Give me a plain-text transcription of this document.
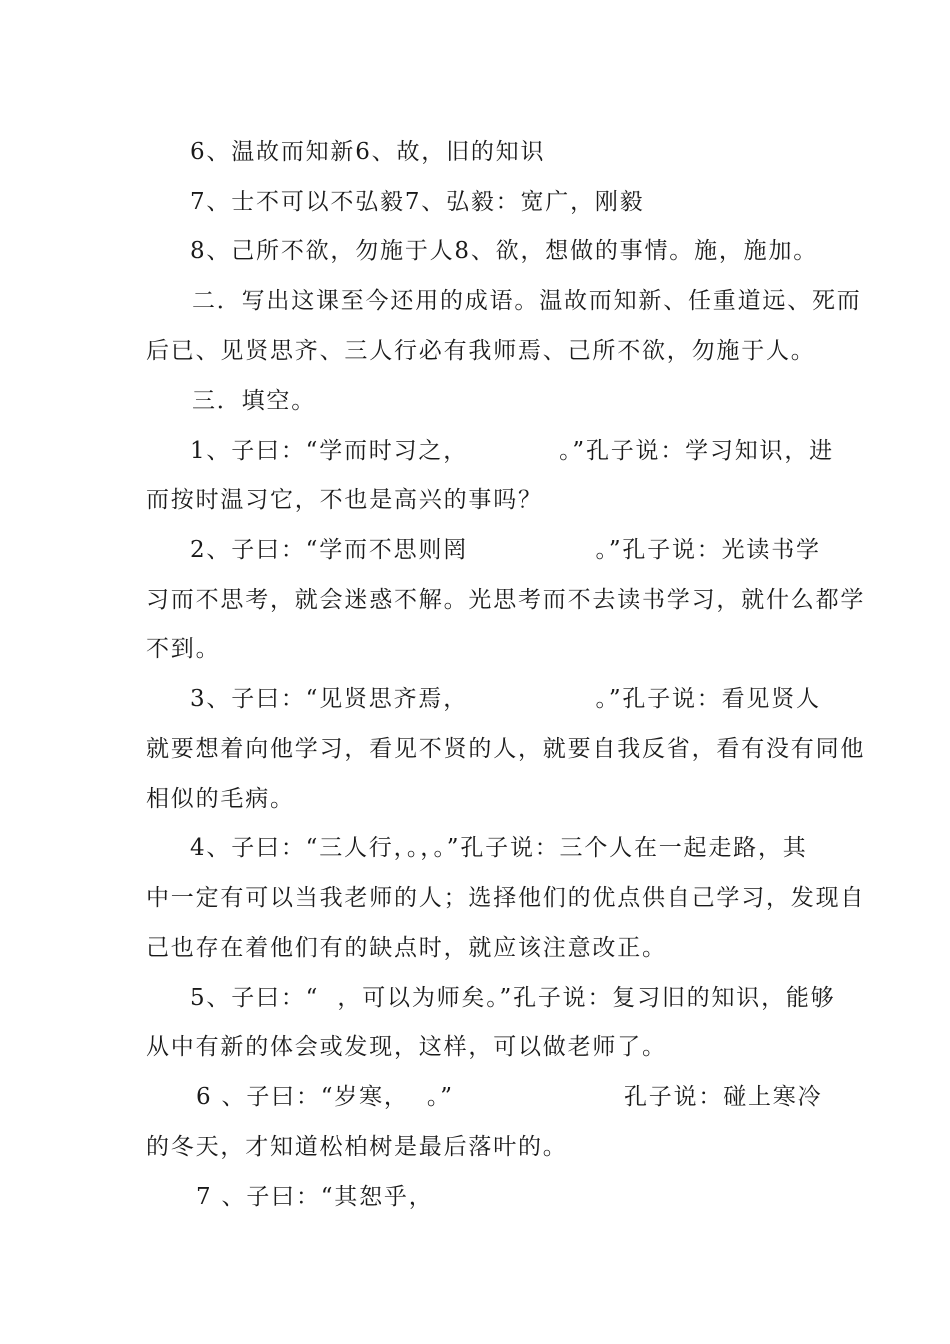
6、温故而知新6、故，旧的知识
7、士不可以不弘毅7、弘毅：宽广，刚毅
8、己所不欲，勿施于人8、欲，想做的事情。施，施加。
二．写出这课至今还用的成语。温故而知新、任重道远、死而
后已、见贤思齐、三人行必有我师焉、己所不欲，勿施于人。
三．填空。
1、子曰：“学而时习之，          。”孔子说：学习知识，进
而按时温习它，不也是高兴的事吗？
2、子曰：“学而不思则罔              。”孔子说：光读书学
习而不思考，就会迷惑不解。光思考而不去读书学习，就什么都学
不到。
3、子曰：“见贤思齐焉，              。”孔子说：看见贤人
就要想着向他学习，看见不贤的人，就要自我反省，看有没有同他
相似的毛病。
4、子曰：“三人行，。，。”孔子说：三个人在一起走路，其
中一定有可以当我老师的人；选择他们的优点供自己学习，发现自
己也存在着他们有的缺点时，就应该注意改正。
5、子曰：“  ，可以为师矣。”孔子说：复习旧的知识，能够
从中有新的体会或发现，这样，可以做老师了。
6 、子曰：“岁寒，  。”	孔子说：碰上寒冷
的冬天，才知道松柏树是最后落叶的。
7 、子曰：“其恕乎，
